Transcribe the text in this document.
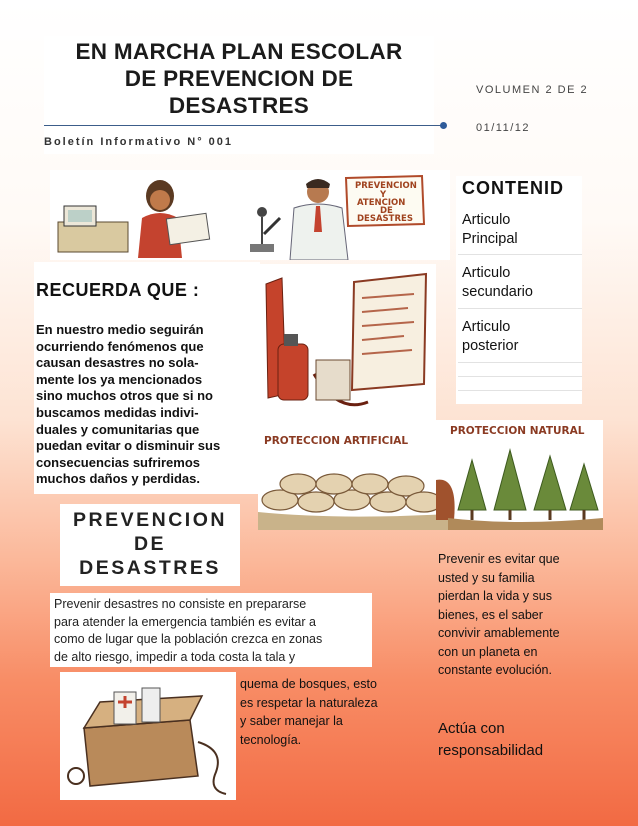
EN MARCHA PLAN ESCOLAR
DE PREVENCION DE
DESASTRES
Boletín Informativo N° 001
VOLUMEN 2 DE 2
01/11/12
PREVENCION
Y
ATENCION
DE
DESASTRES
PROTECCION ARTIFICIAL
PROTECCION NATURAL
CONTENID
Articulo
Principal
Articulo
secundario
Articulo
posterior
RECUERDA QUE :
En nuestro medio seguirán
ocurriendo fenómenos que
causan desastres no sola-
mente los ya mencionados
sino muchos otros que si no
buscamos medidas indivi-
duales y comunitarias que
puedan evitar o disminuir sus
consecuencias sufriremos
muchos daños y perdidas.
PREVENCION
DE
DESASTRES
Prevenir desastres no consiste en prepararse
para atender la emergencia también es evitar a
como de lugar que la población crezca en zonas
de alto riesgo, impedir a toda costa la tala y
quema de bosques, esto
es respetar la naturaleza
y saber manejar la
tecnología.
Prevenir es evitar que
usted y su familia
pierdan la vida y sus
bienes, es el saber
convivir amablemente
con un planeta en
constante evolución.
Actúa con
responsabilidad
